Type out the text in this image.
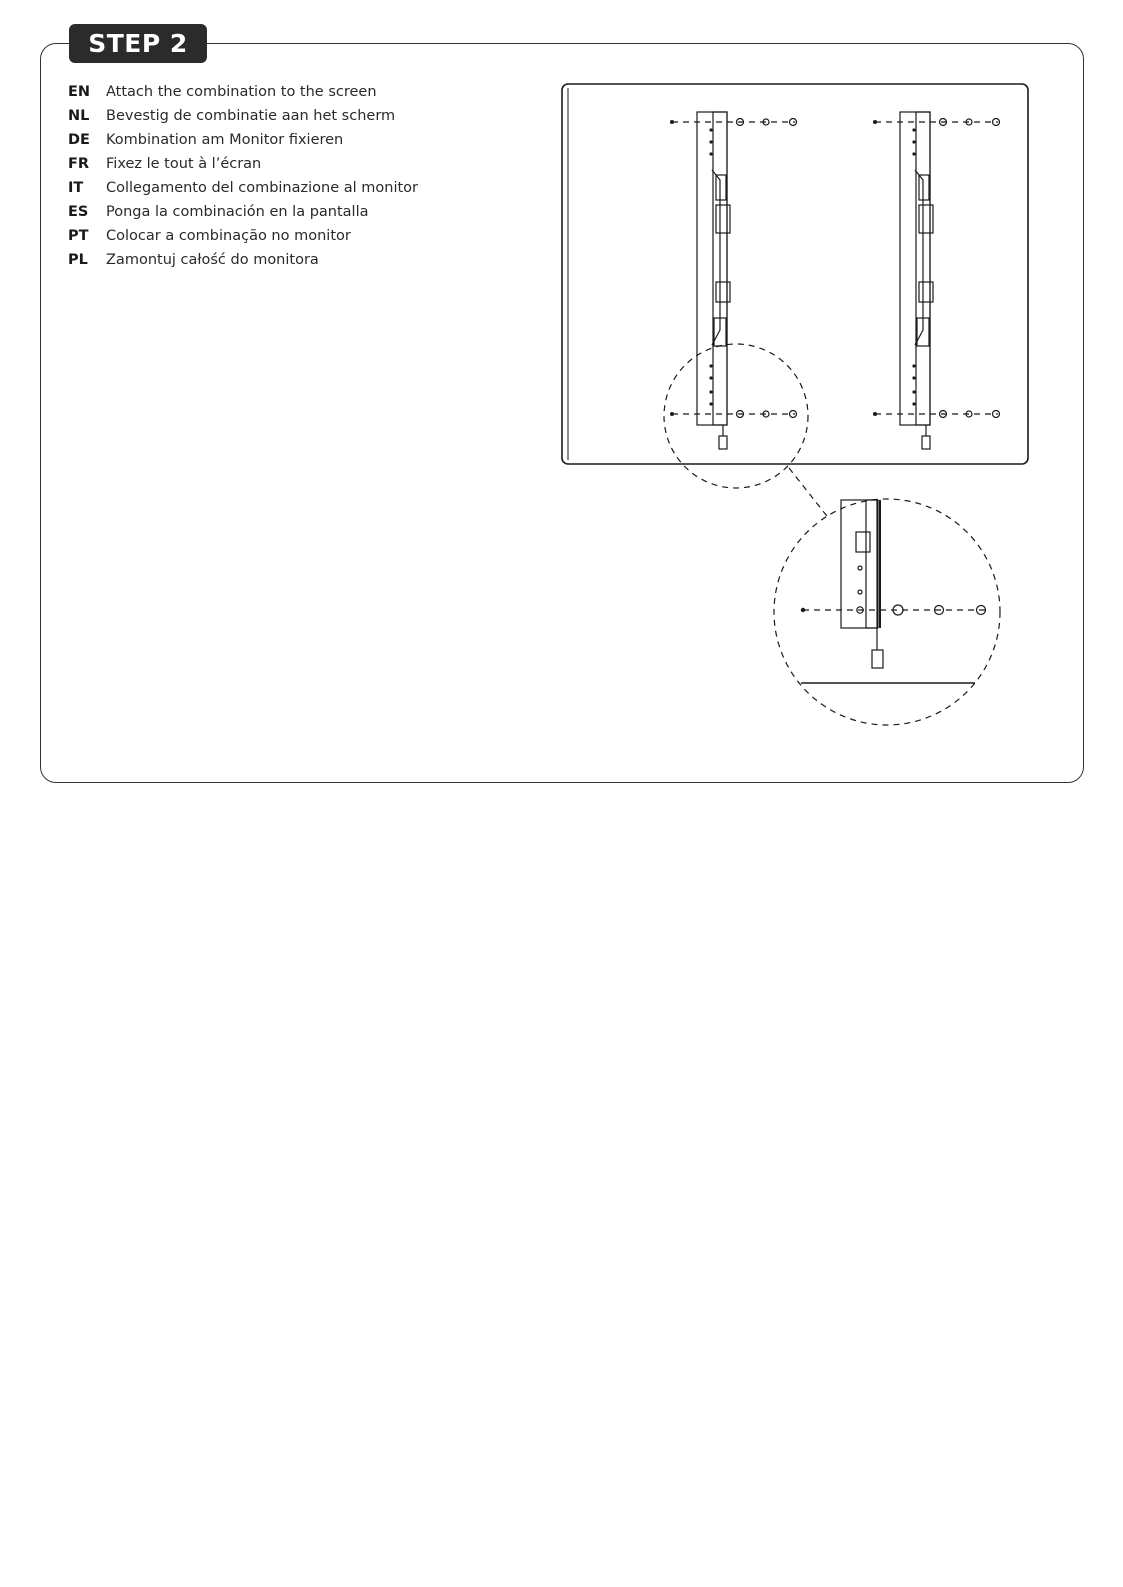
STEP 2
EN	Attach the combination to the screen
NL	Bevestig de combinatie aan het scherm
DE	Kombination am Monitor fixieren
FR	Fixez le tout à l’écran
IT	Collegamento del combinazione al monitor
ES	Ponga la combinación en la pantalla
PT	Colocar a combinação no monitor
PL	Zamontuj całość do monitora
